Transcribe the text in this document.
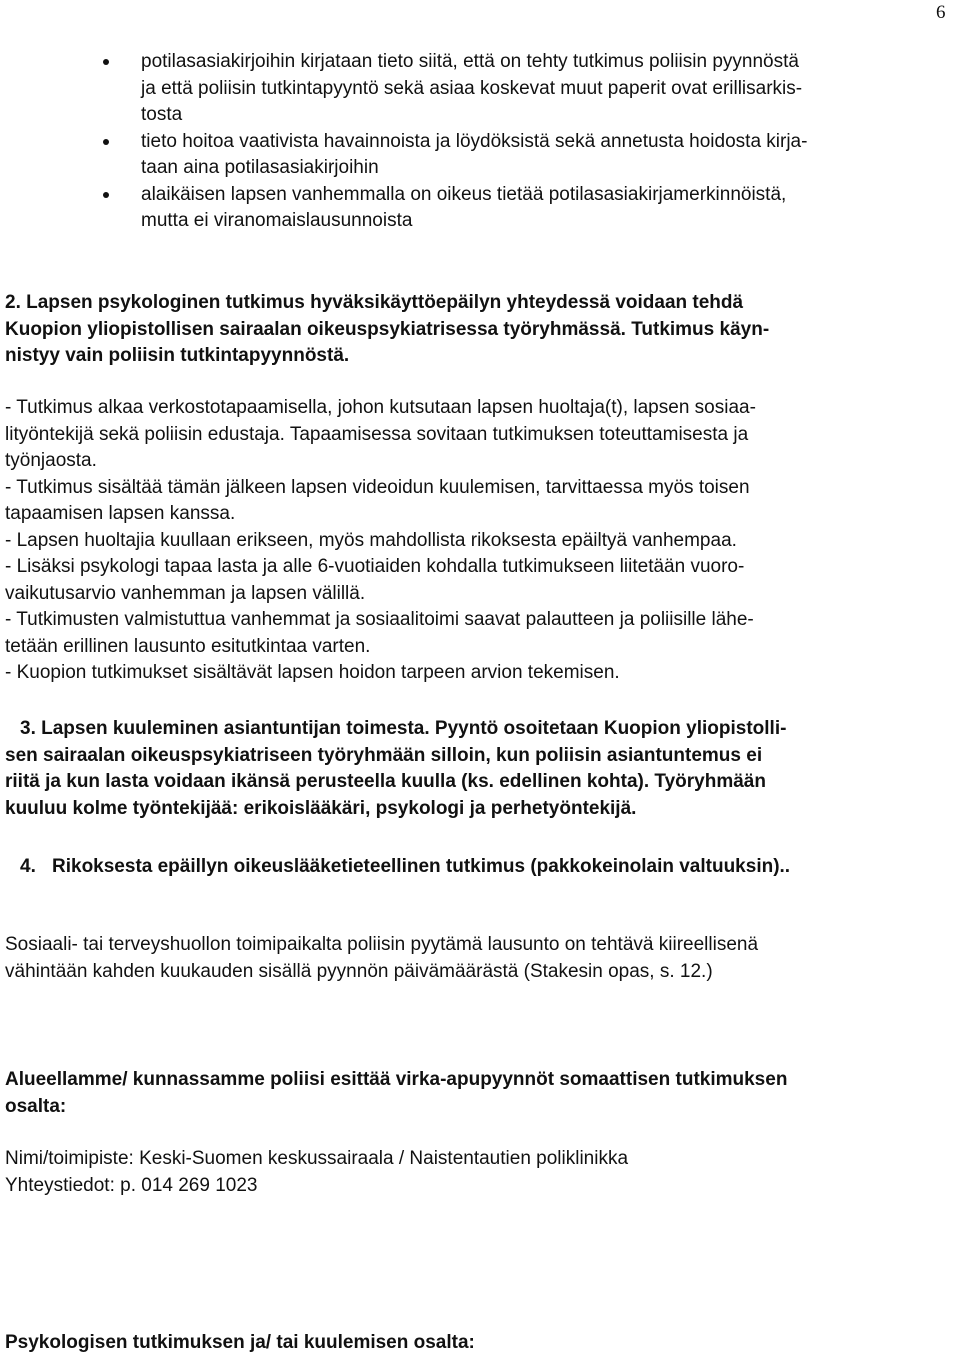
6
potilasasiakirjoihin kirjataan tieto siitä, että on tehty tutkimus poliisin pyynnöstä
ja että poliisin tutkintapyyntö sekä asiaa koskevat muut paperit ovat erillisarkis-
tosta
tieto hoitoa vaativista havainnoista ja löydöksistä sekä annetusta hoidosta kirja-
taan aina potilasasiakirjoihin
alaikäisen lapsen vanhemmalla on oikeus tietää potilasasiakirjamerkinnöistä,
mutta ei viranomaislausunnoista
2. Lapsen psykologinen tutkimus hyväksikäyttöepäilyn yhteydessä voidaan tehdä
Kuopion yliopistollisen sairaalan oikeuspsykiatrisessa työryhmässä. Tutkimus käyn-
nistyy vain poliisin tutkintapyynnöstä.
- Tutkimus alkaa verkostotapaamisella, johon kutsutaan lapsen huoltaja(t), lapsen sosiaa-
lityöntekijä sekä poliisin edustaja. Tapaamisessa sovitaan tutkimuksen toteuttamisesta ja
työnjaosta.
- Tutkimus sisältää tämän jälkeen lapsen videoidun kuulemisen, tarvittaessa myös toisen
tapaamisen lapsen kanssa.
- Lapsen huoltajia kuullaan erikseen, myös mahdollista rikoksesta epäiltyä vanhempaa.
- Lisäksi psykologi tapaa lasta ja alle 6-vuotiaiden kohdalla tutkimukseen liitetään vuoro-
vaikutusarvio vanhemman ja lapsen välillä.
- Tutkimusten valmistuttua vanhemmat ja sosiaalitoimi saavat palautteen ja poliisille lähe-
tetään erillinen lausunto esitutkintaa varten.
- Kuopion tutkimukset sisältävät lapsen hoidon tarpeen arvion tekemisen.
3. Lapsen kuuleminen asiantuntijan toimesta. Pyyntö osoitetaan Kuopion yliopistolli-
sen sairaalan oikeuspsykiatriseen työryhmään silloin, kun poliisin asiantuntemus ei
riitä ja kun lasta voidaan ikänsä perusteella kuulla (ks. edellinen kohta). Työryhmään
kuuluu kolme työntekijää: erikoislääkäri, psykologi ja perhetyöntekijä.
4. Rikoksesta epäillyn oikeuslääketieteellinen tutkimus (pakkokeinolain valtuuksin)..
Sosiaali- tai terveyshuollon toimipaikalta poliisin pyytämä lausunto on tehtävä kiireellisenä
vähintään kahden kuukauden sisällä pyynnön päivämäärästä (Stakesin opas, s. 12.)
Alueellamme/ kunnassamme poliisi esittää virka-apupyynnöt somaattisen tutkimuksen
osalta:
Nimi/toimipiste: Keski-Suomen keskussairaala / Naistentautien poliklinikka
Yhteystiedot: p. 014 269 1023
Psykologisen tutkimuksen ja/ tai kuulemisen osalta:
